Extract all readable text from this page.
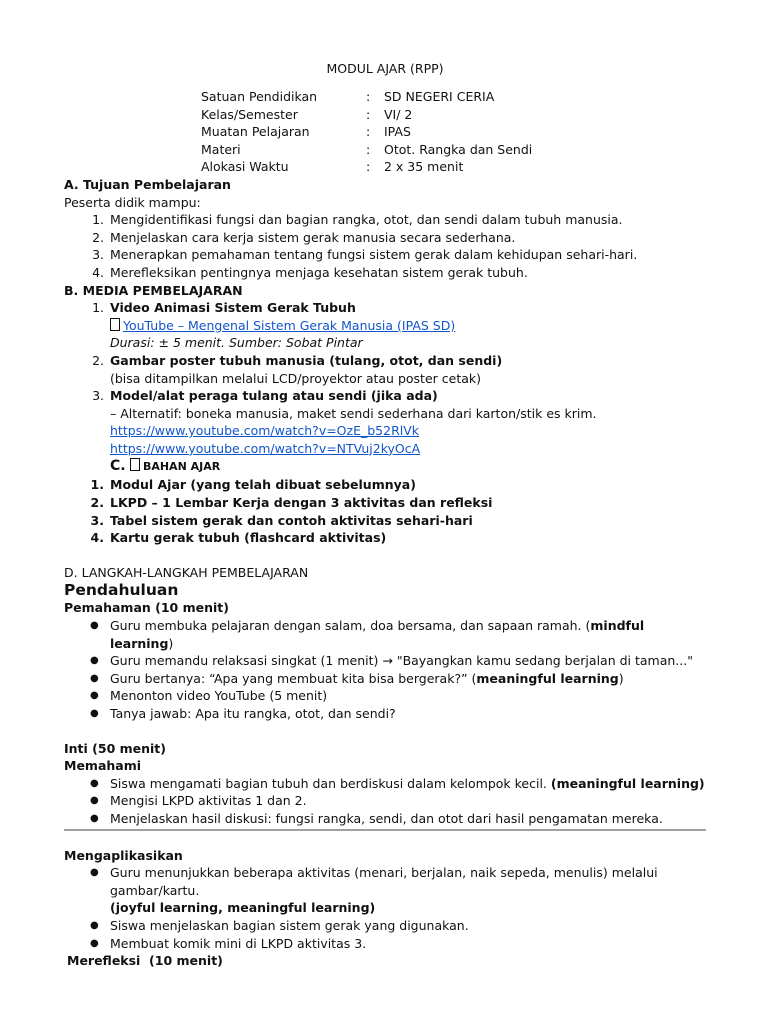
MODUL AJAR (RPP)
Satuan Pendidikan	:	SD NEGERI CERIA
Kelas/Semester	:	VI/ 2
Muatan Pelajaran	:	IPAS
Materi	:	Otot. Rangka dan Sendi
Alokasi Waktu	:	2 x 35 menit
A. Tujuan Pembelajaran
Peserta didik mampu:
1. Mengidentifikasi fungsi dan bagian rangka, otot, dan sendi dalam tubuh manusia.
2. Menjelaskan cara kerja sistem gerak manusia secara sederhana.
3. Menerapkan pemahaman tentang fungsi sistem gerak dalam kehidupan sehari-hari.
4. Merefleksikan pentingnya menjaga kesehatan sistem gerak tubuh.
B. MEDIA PEMBELAJARAN
1. Video Animasi Sistem Gerak Tubuh
YouTube – Mengenal Sistem Gerak Manusia (IPAS SD)
Durasi: ± 5 menit. Sumber: Sobat Pintar
2. Gambar poster tubuh manusia (tulang, otot, dan sendi)
(bisa ditampilkan melalui LCD/proyektor atau poster cetak)
3. Model/alat peraga tulang atau sendi (jika ada)
– Alternatif: boneka manusia, maket sendi sederhana dari karton/stik es krim.
https://www.youtube.com/watch?v=OzE_b52RlVk
https://www.youtube.com/watch?v=NTVuj2kyOcA
C. BAHAN AJAR
1. Modul Ajar (yang telah dibuat sebelumnya)
2. LKPD – 1 Lembar Kerja dengan 3 aktivitas dan refleksi
3. Tabel sistem gerak dan contoh aktivitas sehari-hari
4. Kartu gerak tubuh (flashcard aktivitas)
D. LANGKAH-LANGKAH PEMBELAJARAN
Pendahuluan
Pemahaman (10 menit)
● Guru membuka pelajaran dengan salam, doa bersama, dan sapaan ramah. (mindful learning)
● Guru memandu relaksasi singkat (1 menit) → "Bayangkan kamu sedang berjalan di taman..."
● Guru bertanya: “Apa yang membuat kita bisa bergerak?” (meaningful learning)
● Menonton video YouTube (5 menit)
● Tanya jawab: Apa itu rangka, otot, dan sendi?
Inti (50 menit)
Memahami
● Siswa mengamati bagian tubuh dan berdiskusi dalam kelompok kecil. (meaningful learning)
● Mengisi LKPD aktivitas 1 dan 2.
● Menjelaskan hasil diskusi: fungsi rangka, sendi, dan otot dari hasil pengamatan mereka.
Mengaplikasikan
● Guru menunjukkan beberapa aktivitas (menari, berjalan, naik sepeda, menulis) melalui gambar/kartu.
(joyful learning, meaningful learning)
● Siswa menjelaskan bagian sistem gerak yang digunakan.
● Membuat komik mini di LKPD aktivitas 3.
Merefleksi  (10 menit)
